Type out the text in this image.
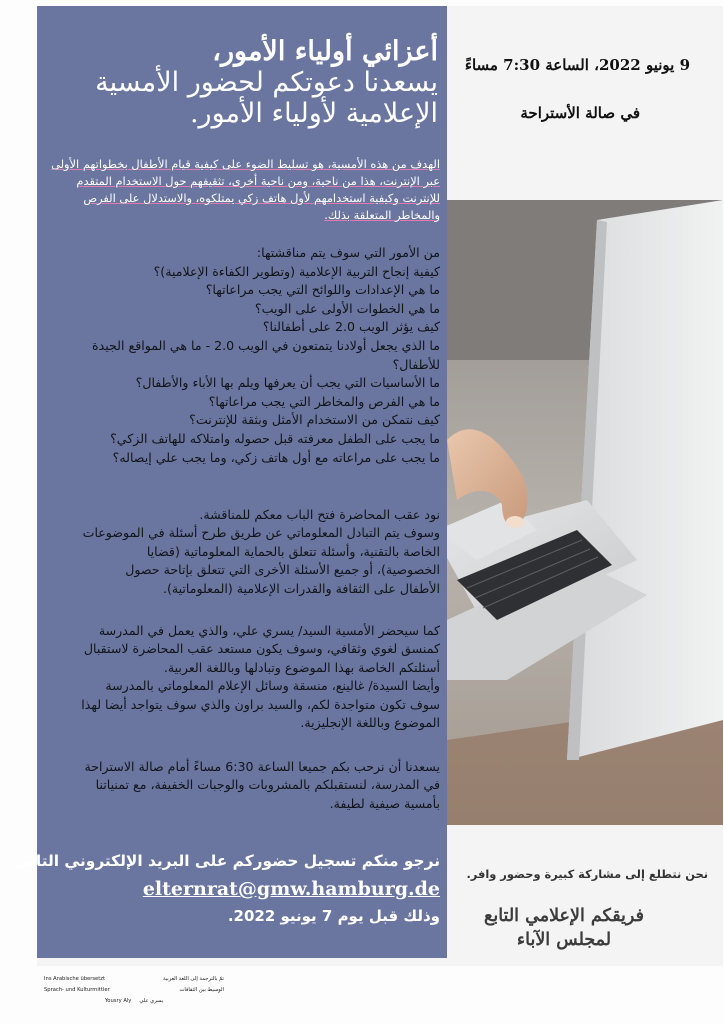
أعزائي أولياء الأمور،
يسعدنا دعوتكم لحضور الأمسية
الإعلامية لأولياء الأمور.
9 يونيو 2022، الساعة 7:30 مساءً
في صالة الأستراحة
الهدف من هذه الأمسية، هو تسليط الضوء على كيفية قيام الأطفال بخطواتهم الأولى عبر الإنترنت، هذا من ناحية، ومن ناحية أخرى، تثقيفهم حول الاستخدام المتقدم للإنترنت وكيفية استخدامهم لأول هاتف زكي يمتلكوه، والاستدلال على الفرص والمخاطر المتعلقة بذلك.
من الأمور التي سوف يتم مناقشتها:
كيفية إنجاح التربية الإعلامية (وتطوير الكفاءة الإعلامية)؟
ما هي الإعدادات واللوائح التي يجب مراعاتها؟
ما هي الخطوات الأولى على الويب؟
كيف يؤثر الويب 2.0 على أطفالنا؟
ما الذي يجعل أولادنا يتمتعون في الويب 2.0 - ما هي المواقع الجيدة
للأطفال؟
ما الأساسيات التي يجب أن يعرفها ويلم بها الأباء والأطفال؟
ما هي الفرص والمخاطر التي يجب مراعاتها؟
كيف نتمكن من الاستخدام الأمثل وبثقة للإنترنت؟
ما يجب على الطفل معرفته قبل حصوله وامتلاكه للهاتف الزكي؟
ما يجب على مراعاته مع أول هاتف زكي، وما يجب علي إيصاله؟
نود عقب المحاضرة فتح الباب معكم للمناقشة.
وسوف يتم التبادل المعلوماتي عن طريق طرح أسئلة في الموضوعات
الخاصة بالتقنية، وأسئلة تتعلق بالحماية المعلوماتية (قضايا
الخصوصية)، أو جميع الأسئلة الأخرى التي تتعلق بإتاحة حصول
الأطفال على الثقافة والقدرات الإعلامية (المعلوماتية).
كما سيحضر الأمسية السيد/ يسري علي، والذي يعمل في المدرسة
كمنسق لغوي وثقافي، وسوف يكون مستعد عقب المحاضرة لاستقبال
أسئلتكم الخاصة بهذا الموضوع وتبادلها وباللغة العربية.
وأيضا السيدة/ غالينع، منسقة وسائل الإعلام المعلوماتي بالمدرسة
سوف تكون متواجدة لكم، والسيد براون والذي سوف يتواجد أيضا لهذا
الموضوع وباللغة الإنجليزية.
يسعدنا أن نرحب بكم جميعا الساعة 6:30 مساءً أمام صالة الاستراحة
في المدرسة، لنستقبلكم بالمشروبات والوجبات الخفيفة، مع تمنياتنا
بأمسية صيفية لطيفة.
نرجو منكم تسجيل حضوركم على البريد الإلكتروني التالي
elternrat@gmw.hamburg.de
وذلك قبل يوم 7 يونيو 2022.
نحن نتطلع إلى مشاركة كبيرة وحضور وافر.
فريقكم الإعلامي التابع
لمجلس الآباء
Ins Arabische übersetzt	تمّ بالترجمة إلى اللغة العربية
Sprach- und Kulturmittler	الوسيط بين الثقافات
Yousry Aly يسري علي
